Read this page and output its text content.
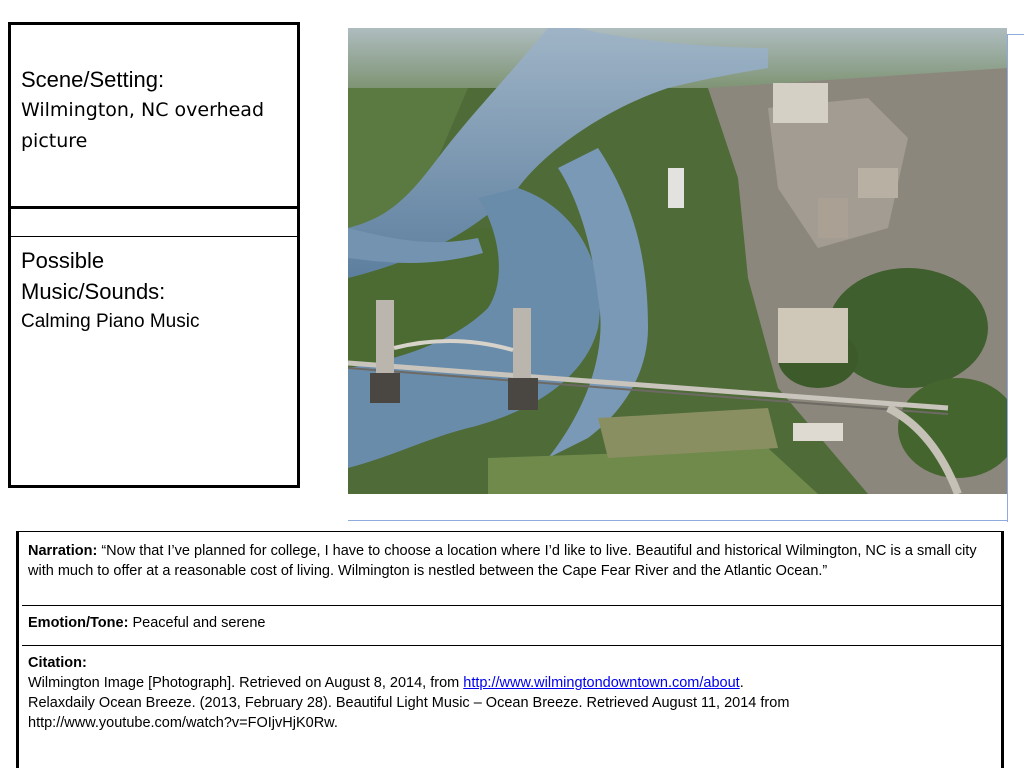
Scene/Setting:
Wilmington, NC overhead picture
Possible Music/Sounds:
Calming Piano Music
Narration: “Now that I’ve planned for college, I have to choose a location where I’d like to live. Beautiful and historical Wilmington, NC is a small city with much to offer at a reasonable cost of living. Wilmington is nestled between the Cape Fear River and the Atlantic Ocean.”
Emotion/Tone: Peaceful and serene
Citation:
Wilmington Image [Photograph]. Retrieved on August 8, 2014, from http://www.wilmingtondowntown.com/about.
Relaxdaily Ocean Breeze. (2013, February 28). Beautiful Light Music – Ocean Breeze. Retrieved August 11, 2014 from
http://www.youtube.com/watch?v=FOIjvHjK0Rw.
